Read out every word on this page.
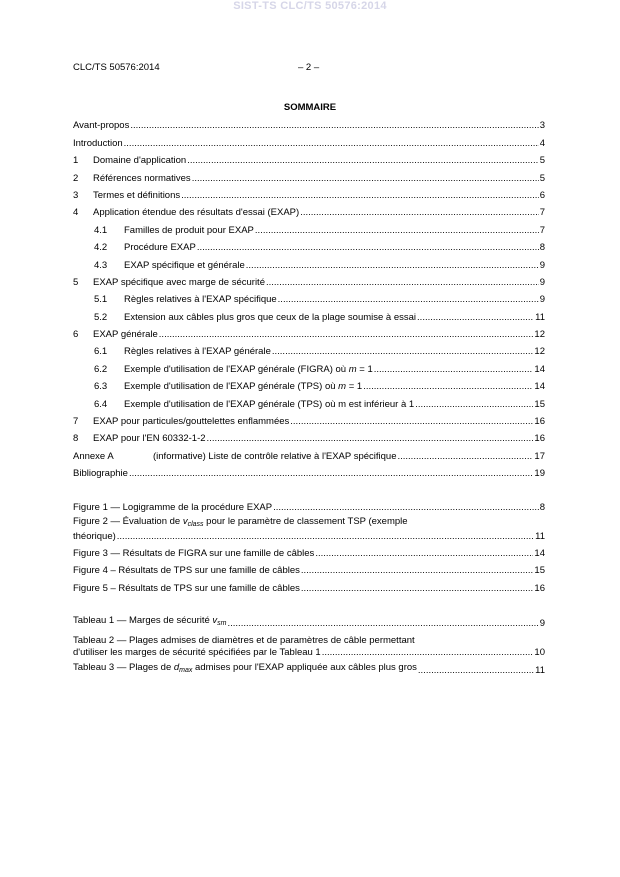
SIST-TS CLC/TS 50576:2014
CLC/TS 50576:2014	– 2 –
SOMMAIRE
Avant-propos .....	3
Introduction .....	4
1	Domaine d'application .....	5
2	Références normatives .....	5
3	Termes et définitions .....	6
4	Application étendue des résultats d'essai (EXAP) .....	7
4.1	Familles de produit pour EXAP .....	7
4.2	Procédure EXAP .....	8
4.3	EXAP spécifique et générale .....	9
5	EXAP spécifique avec marge de sécurité .....	9
5.1	Règles relatives à l'EXAP spécifique .....	9
5.2	Extension aux câbles plus gros que ceux de la plage soumise à essai .....	11
6	EXAP générale .....	12
6.1	Règles relatives à l'EXAP générale .....	12
6.2	Exemple d'utilisation de l'EXAP générale (FIGRA) où m = 1 .....	14
6.3	Exemple d'utilisation de l'EXAP générale (TPS) où m = 1 .....	14
6.4	Exemple d'utilisation de l'EXAP générale (TPS) où m est inférieur à 1 .....	15
7	EXAP pour particules/gouttelettes enflammées .....	16
8	EXAP pour l'EN 60332-1-2 .....	16
Annexe A	(informative) Liste de contrôle relative à l'EXAP spécifique .....	17
Bibliographie .....	19
Figure 1 — Logigramme de la procédure EXAP .....	8
Figure 2 — Évaluation de $v_{class}$ pour le paramètre de classement TSP (exemple
théorique) .....	11
Figure 3 — Résultats de FIGRA sur une famille de câbles .....	14
Figure 4 – Résultats de TPS sur une famille de câbles .....	15
Figure 5 – Résultats de TPS sur une famille de câbles .....	16
Tableau 1 — Marges de sécurité $v_{sm}$ .....	9
Tableau 2 — Plages admises de diamètres et de paramètres de câble permettant
d'utiliser les marges de sécurité spécifiées par le Tableau 1 .....	10
Tableau 3 — Plages de $d_{max}$ admises pour l'EXAP appliquée aux câbles plus gros .....	11
